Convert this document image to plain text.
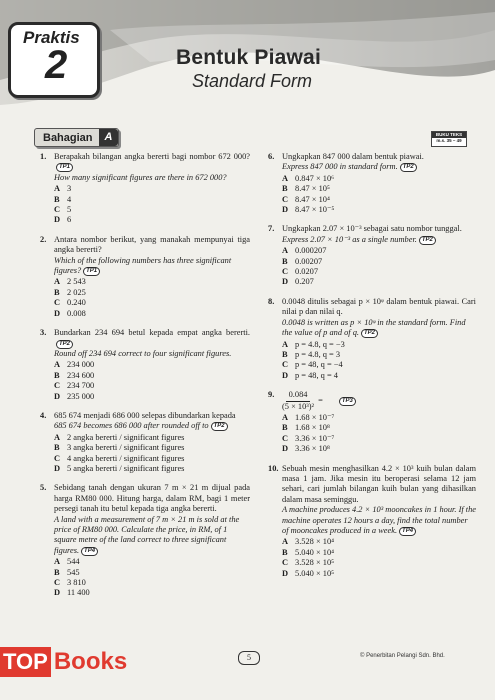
Praktis
2	Bentuk Piawai
Standard Form
Bahagian	A	BUKU TEKS
m.s. 35 – 49
1. Berapakah bilangan angka bererti bagi nombor 672 000?TP1
How many significant figures are there in 672 000?
A 3
B 4
C 5
D 6
2. Antara nombor berikut, yang manakah mempunyai tiga angka bererti?
Which of the following numbers has three significant figures? TP1
A 2 543
B 2 025
C 0.240
D 0.008
3. Bundarkan 234 694 betul kepada empat angka bererti.TP2
Round off 234 694 correct to four significant figures.
A 234 000
B 234 600
C 234 700
D 235 000
4. 685 674 menjadi 686 000 selepas dibundarkan kepada
685 674 becomes 686 000 after rounded off to TP2
A 2 angka bererti / significant figures
B 3 angka bererti / significant figures
C 4 angka bererti / significant figures
D 5 angka bererti / significant figures
5. Sebidang tanah dengan ukuran 7 m × 21 m dijual pada harga RM80 000. Hitung harga, dalam RM, bagi 1 meter persegi tanah itu betul kepada tiga angka bererti.
A land with a measurement of 7 m × 21 m is sold at the price of RM80 000. Calculate the price, in RM, of 1 square metre of the land correct to three significant figures. TP4
A 544
B 545
C 3 810
D 11 400
6. Ungkapkan 847 000 dalam bentuk piawai.
Express 847 000 in standard form. TP2
A 0.847 × 10⁶
B 8.47 × 10⁵
C 8.47 × 10⁴
D 8.47 × 10⁻⁵
7. Ungkapkan 2.07 × 10⁻³ sebagai satu nombor tunggal.
Express 2.07 × 10⁻³ as a single number. TP2
A 0.000207
B 0.00207
C 0.0207
D 0.207
8. 0.0048 ditulis sebagai p × 10ᵠ dalam bentuk piawai. Cari nilai p dan nilai q.
0.0048 is written as p × 10ᵠ in the standard form. Find the value of p and of q. TP2
A p = 4.8, q = −3
B p = 4.8, q = 3
C p = 48, q = −4
D p = 48, q = 4
9. $\frac{0.084}{\text{(5 × 10³)²}}$ =	TP3
A 1.68 × 10⁻⁷
B 1.68 × 10⁸
C 3.36 × 10⁻⁷
D 3.36 × 10⁸
10. Sebuah mesin menghasilkan 4.2 × 10³ kuih bulan dalam masa 1 jam. Jika mesin itu beroperasi selama 12 jam sehari, cari jumlah bilangan kuih bulan yang dihasilkan dalam masa seminggu.
A machine produces 4.2 × 10³ mooncakes in 1 hour. If the machine operates 12 hours a day, find the total number of mooncakes produced in a week. TP4
A 3.528 × 10⁴
B 5.040 × 10⁴
C 3.528 × 10⁵
D 5.040 × 10⁵
5	© Penerbitan Pelangi Sdn. Bhd.
TOP Books
